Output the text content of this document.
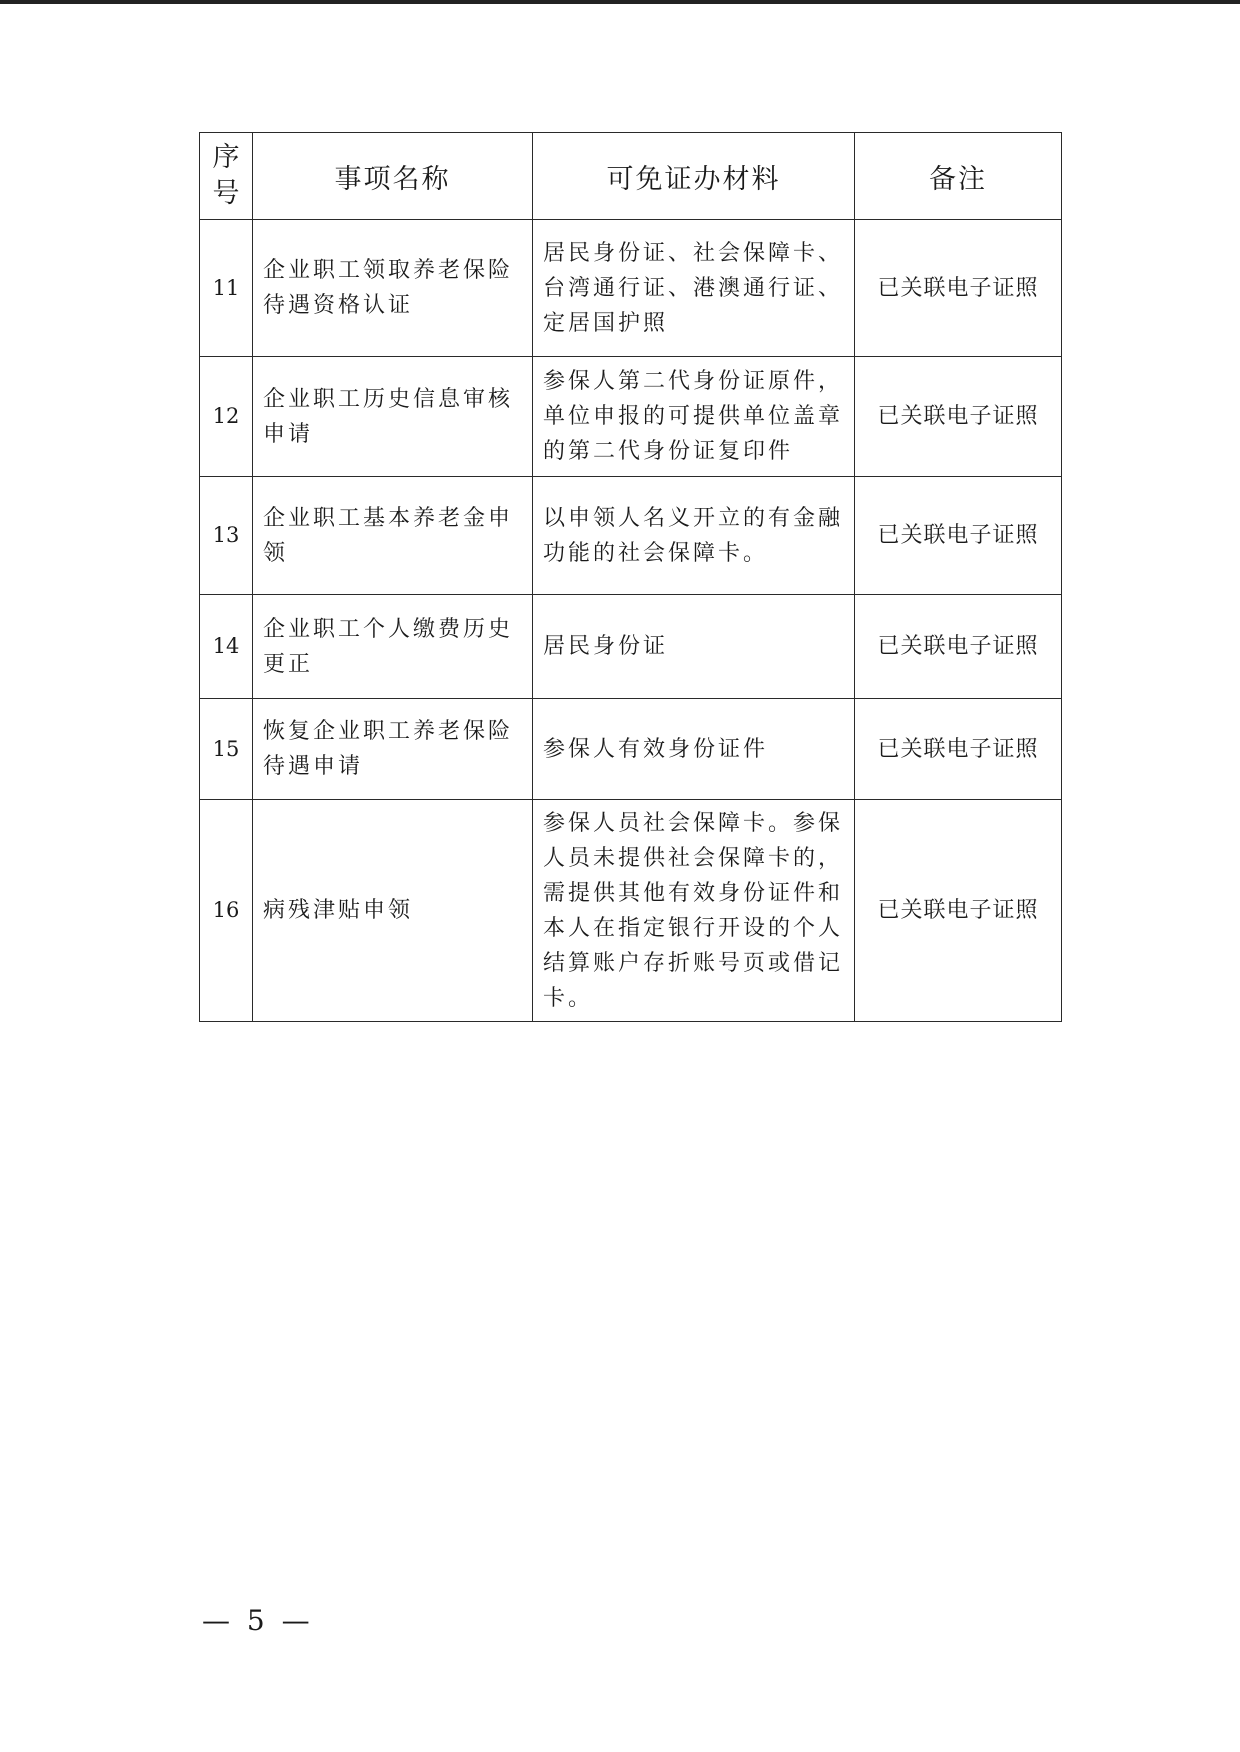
序
号	事项名称	可免证办材料	备注
11	企业职工领取养老保险待遇资格认证	居民身份证、社会保障卡、台湾通行证、港澳通行证、定居国护照	已关联电子证照
12	企业职工历史信息审核申请	参保人第二代身份证原件，单位申报的可提供单位盖章的第二代身份证复印件	已关联电子证照
13	企业职工基本养老金申领	以申领人名义开立的有金融功能的社会保障卡。	已关联电子证照
14	企业职工个人缴费历史更正	居民身份证	已关联电子证照
15	恢复企业职工养老保险待遇申请	参保人有效身份证件	已关联电子证照
16	病残津贴申领	参保人员社会保障卡。参保人员未提供社会保障卡的，需提供其他有效身份证件和本人在指定银行开设的个人结算账户存折账号页或借记卡。	已关联电子证照
— 5 —
